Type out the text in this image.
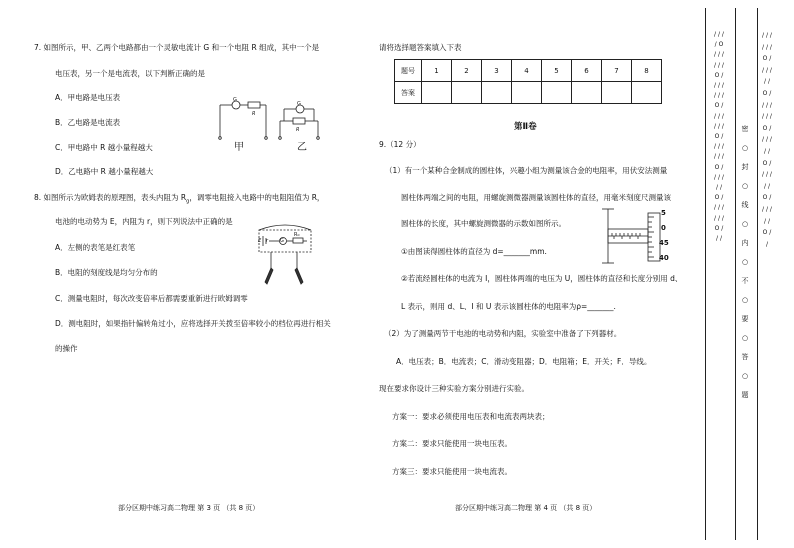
7. 如图所示，甲、乙两个电路都由一个灵敏电流计 G 和一个电阻 R 组成，其中一个是
电压表，另一个是电流表，以下判断正确的是
A．甲电路是电压表
B．乙电路是电流表
C．甲电路中 R 越小量程越大
D．乙电路中 R 越小量程越大
G
R
G
R
甲	乙
8. 如图所示为欧姆表的原理图，表头内阻为 $R_g$，调零电阻接入电路中的电阻阻值为 R，
电池的电动势为 E，内阻为 r，则下列说法中正确的是
A．左侧的表笔是红表笔
B．电阻的刻度线是均匀分布的
C．测量电阻时，每次改变倍率后都需要重新进行欧姆调零
D．测电阻时，如果指针偏转角过小，应将选择开关拨至倍率较小的档位再进行相关
的操作
E r G
R₀
部分区期中练习高二物理 第 3 页 （共 8 页）
请将选择题答案填入下表
题号	1	2	3	4	5	6	7	8
答案								
第Ⅱ卷
9.（12 分）
（1）有一个某种合金制成的圆柱体，兴趣小组为测量该合金的电阻率，用伏安法测量
圆柱体两端之间的电阻，用螺旋测微器测量该圆柱体的直径，用毫米刻度尺测量该
圆柱体的长度，其中螺旋测微器的示数如图所示。
①由图读得圆柱体的直径为 d=_______mm.
②若流经圆柱体的电流为 I，圆柱体两端的电压为 U，圆柱体的直径和长度分别用 d、
L 表示，则用 d、L、I 和 U 表示该圆柱体的电阻率为ρ=_______.
（2）为了测量两节干电池的电动势和内阻，实验室中准备了下列器材。
A．电压表；B．电流表；C．滑动变阻器；D．电阻箱；E．开关；F．导线。
现在要求你设计三种实验方案分别进行实验。
方案一：要求必须使用电压表和电流表两块表；
方案二：要求只能使用一块电压表。
方案三：要求只能使用一块电流表。
5
0
45
40
部分区期中练习高二物理 第 4 页 （共 8 页）
/ / / / O / / / / / / O / / / / / / / O / / / / / / / O / / / / / / / O / / / / / / O / / / / / / / O / / /
密 ○ 封 ○ 线 ○ 内 ○ 不 ○ 要 ○ 答 ○ 题
/ / / / / / O / / / / / / O / / / / / / / O / / / / / / O / / / / / / O / / / / / / O / /
